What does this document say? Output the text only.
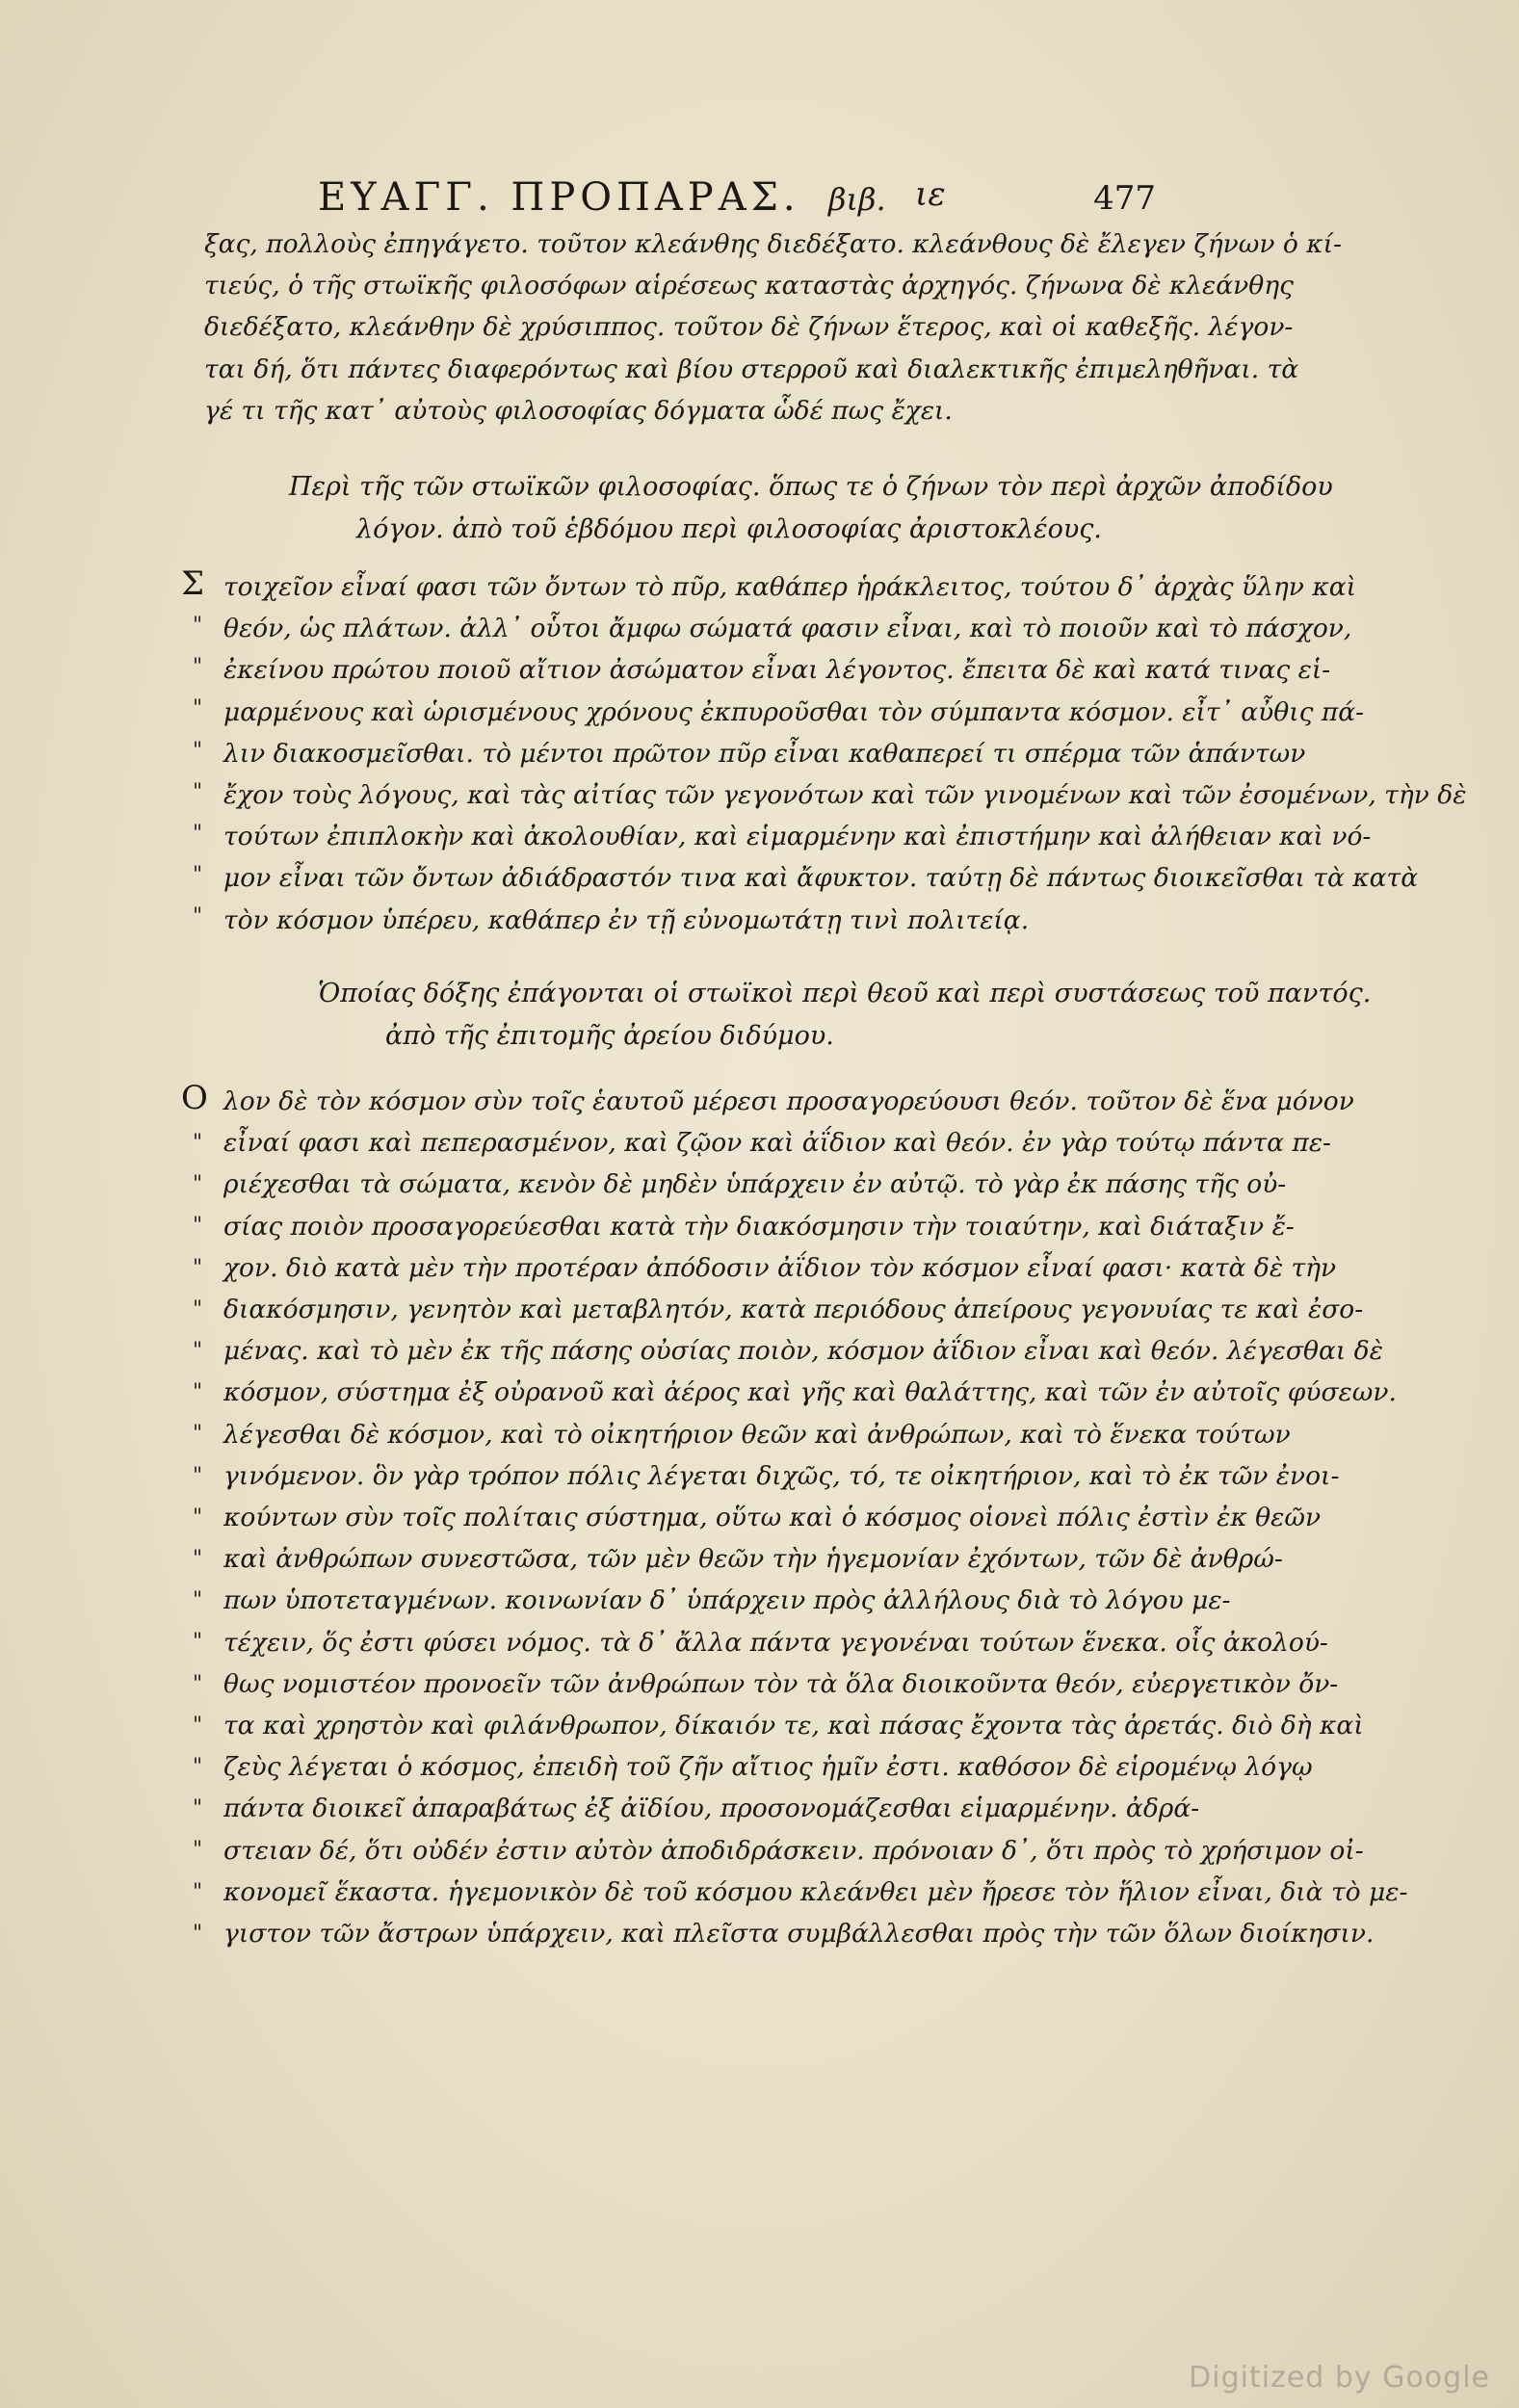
ΕΥΑΓΓ. ΠΡΟΠΑΡΑΣ. βιβ. ιε	477
ξας, πολλοὺς ἐπηγάγετο. τοῦτον κλεάνθης διεδέξατο. κλεάνθους δὲ ἔλεγεν ζήνων ὁ κί-
τιεύς, ὁ τῆς στωϊκῆς φιλοσόφων αἱρέσεως καταστὰς ἀρχηγός. ζήνωνα δὲ κλεάνθης
διεδέξατο, κλεάνθην δὲ χρύσιππος. τοῦτον δὲ ζήνων ἕτερος, καὶ οἱ καθεξῆς. λέγον-
ται δή, ὅτι πάντες διαφερόντως καὶ βίου στερροῦ καὶ διαλεκτικῆς ἐπιμεληθῆναι. τὰ
γέ τι τῆς κατ᾽ αὐτοὺς φιλοσοφίας δόγματα ὧδέ πως ἔχει.
Περὶ τῆς τῶν στωϊκῶν φιλοσοφίας. ὅπως τε ὁ ζήνων τὸν περὶ ἀρχῶν ἀποδίδου
λόγον. ἀπὸ τοῦ ἑβδόμου περὶ φιλοσοφίας ἀριστοκλέους.
Σ
"
"
"
"
"
"
"
"
τοιχεῖον εἶναί φασι τῶν ὄντων τὸ πῦρ, καθάπερ ἡράκλειτος, τούτου δ᾽ ἀρχὰς ὕλην καὶ
θεόν, ὡς πλάτων. ἀλλ᾽ οὗτοι ἄμφω σώματά φασιν εἶναι, καὶ τὸ ποιοῦν καὶ τὸ πάσχον,
ἐκείνου πρώτου ποιοῦ αἴτιον ἀσώματον εἶναι λέγοντος. ἔπειτα δὲ καὶ κατά τινας εἱ-
μαρμένους καὶ ὡρισμένους χρόνους ἐκπυροῦσθαι τὸν σύμπαντα κόσμον. εἶτ᾽ αὖθις πά-
λιν διακοσμεῖσθαι. τὸ μέντοι πρῶτον πῦρ εἶναι καθαπερεί τι σπέρμα τῶν ἁπάντων
ἔχον τοὺς λόγους, καὶ τὰς αἰτίας τῶν γεγονότων καὶ τῶν γινομένων καὶ τῶν ἐσομένων, τὴν δὲ
τούτων ἐπιπλοκὴν καὶ ἀκολουθίαν, καὶ εἱμαρμένην καὶ ἐπιστήμην καὶ ἀλήθειαν καὶ νό-
μον εἶναι τῶν ὄντων ἀδιάδραστόν τινα καὶ ἄφυκτον. ταύτῃ δὲ πάντως διοικεῖσθαι τὰ κατὰ
τὸν κόσμον ὑπέρευ, καθάπερ ἐν τῇ εὐνομωτάτῃ τινὶ πολιτείᾳ.
Ὁποίας δόξης ἐπάγονται οἱ στωϊκοὶ περὶ θεοῦ καὶ περὶ συστάσεως τοῦ παντός.
ἀπὸ τῆς ἐπιτομῆς ἀρείου διδύμου.
Ο
"
"
"
"
"
"
"
"
"
"
"
"
"
"
"
"
"
"
"
"
λον δὲ τὸν κόσμον σὺν τοῖς ἑαυτοῦ μέρεσι προσαγορεύουσι θεόν. τοῦτον δὲ ἕνα μόνον
εἶναί φασι καὶ πεπερασμένον, καὶ ζῷον καὶ ἀΐδιον καὶ θεόν. ἐν γὰρ τούτῳ πάντα πε-
ριέχεσθαι τὰ σώματα, κενὸν δὲ μηδὲν ὑπάρχειν ἐν αὐτῷ. τὸ γὰρ ἐκ πάσης τῆς οὐ-
σίας ποιὸν προσαγορεύεσθαι κατὰ τὴν διακόσμησιν τὴν τοιαύτην, καὶ διάταξιν ἔ-
χον. διὸ κατὰ μὲν τὴν προτέραν ἀπόδοσιν ἀΐδιον τὸν κόσμον εἶναί φασι· κατὰ δὲ τὴν
διακόσμησιν, γενητὸν καὶ μεταβλητόν, κατὰ περιόδους ἀπείρους γεγονυίας τε καὶ ἐσο-
μένας. καὶ τὸ μὲν ἐκ τῆς πάσης οὐσίας ποιὸν, κόσμον ἀΐδιον εἶναι καὶ θεόν. λέγεσθαι δὲ
κόσμον, σύστημα ἐξ οὐρανοῦ καὶ ἀέρος καὶ γῆς καὶ θαλάττης, καὶ τῶν ἐν αὐτοῖς φύσεων.
λέγεσθαι δὲ κόσμον, καὶ τὸ οἰκητήριον θεῶν καὶ ἀνθρώπων, καὶ τὸ ἕνεκα τούτων
γινόμενον. ὃν γὰρ τρόπον πόλις λέγεται διχῶς, τό, τε οἰκητήριον, καὶ τὸ ἐκ τῶν ἐνοι-
κούντων σὺν τοῖς πολίταις σύστημα, οὕτω καὶ ὁ κόσμος οἱονεὶ πόλις ἐστὶν ἐκ θεῶν
καὶ ἀνθρώπων συνεστῶσα, τῶν μὲν θεῶν τὴν ἡγεμονίαν ἐχόντων, τῶν δὲ ἀνθρώ-
πων ὑποτεταγμένων. κοινωνίαν δ᾽ ὑπάρχειν πρὸς ἀλλήλους διὰ τὸ λόγου με-
τέχειν, ὅς ἐστι φύσει νόμος. τὰ δ᾽ ἄλλα πάντα γεγονέναι τούτων ἕνεκα. οἷς ἀκολού-
θως νομιστέον προνοεῖν τῶν ἀνθρώπων τὸν τὰ ὅλα διοικοῦντα θεόν, εὐεργετικὸν ὄν-
τα καὶ χρηστὸν καὶ φιλάνθρωπον, δίκαιόν τε, καὶ πάσας ἔχοντα τὰς ἀρετάς. διὸ δὴ καὶ
ζεὺς λέγεται ὁ κόσμος, ἐπειδὴ τοῦ ζῆν αἴτιος ἡμῖν ἐστι. καθόσον δὲ εἱρομένῳ λόγῳ
πάντα διοικεῖ ἀπαραβάτως ἐξ ἀϊδίου, προσονομάζεσθαι εἱμαρμένην. ἀδρά-
στειαν δέ, ὅτι οὐδέν ἐστιν αὐτὸν ἀποδιδράσκειν. πρόνοιαν δ᾽, ὅτι πρὸς τὸ χρήσιμον οἰ-
κονομεῖ ἕκαστα. ἡγεμονικὸν δὲ τοῦ κόσμου κλεάνθει μὲν ἤρεσε τὸν ἥλιον εἶναι, διὰ τὸ με-
γιστον τῶν ἄστρων ὑπάρχειν, καὶ πλεῖστα συμβάλλεσθαι πρὸς τὴν τῶν ὅλων διοίκησιν.
Digitized by Google
